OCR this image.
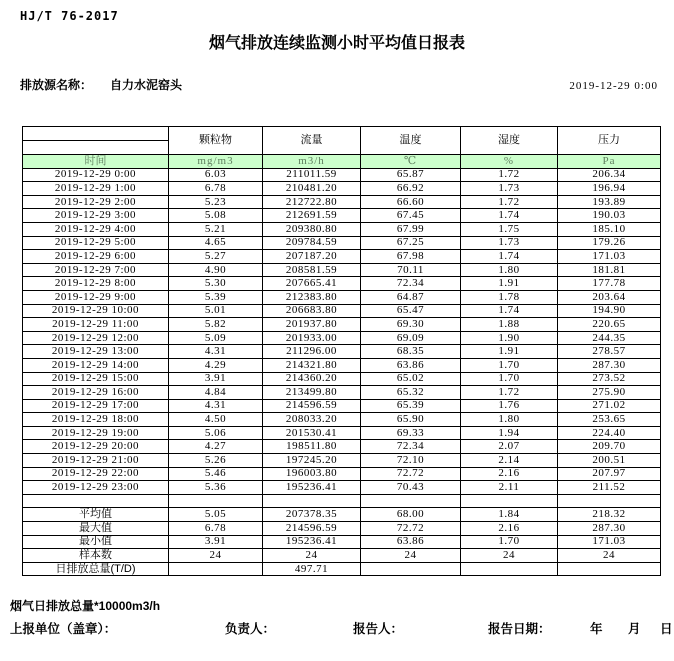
HJ/T 76-2017
烟气排放连续监测小时平均值日报表
排放源名称： 自力水泥窑头	2019-12-29 0:00
	颗粒物	流量	温度	湿度	压力
时间	mg/m3	m3/h	℃	%	Pa
2019-12-29 0:00	6.03	211011.59	65.87	1.72	206.34
2019-12-29 1:00	6.78	210481.20	66.92	1.73	196.94
2019-12-29 2:00	5.23	212722.80	66.60	1.72	193.89
2019-12-29 3:00	5.08	212691.59	67.45	1.74	190.03
2019-12-29 4:00	5.21	209380.80	67.99	1.75	185.10
2019-12-29 5:00	4.65	209784.59	67.25	1.73	179.26
2019-12-29 6:00	5.27	207187.20	67.98	1.74	171.03
2019-12-29 7:00	4.90	208581.59	70.11	1.80	181.81
2019-12-29 8:00	5.30	207665.41	72.34	1.91	177.78
2019-12-29 9:00	5.39	212383.80	64.87	1.78	203.64
2019-12-29 10:00	5.01	206683.80	65.47	1.74	194.90
2019-12-29 11:00	5.82	201937.80	69.30	1.88	220.65
2019-12-29 12:00	5.09	201933.00	69.09	1.90	244.35
2019-12-29 13:00	4.31	211296.00	68.35	1.91	278.57
2019-12-29 14:00	4.29	214321.80	63.86	1.70	287.30
2019-12-29 15:00	3.91	214360.20	65.02	1.70	273.52
2019-12-29 16:00	4.84	213499.80	65.32	1.72	275.90
2019-12-29 17:00	4.31	214596.59	65.39	1.76	271.02
2019-12-29 18:00	4.50	208033.20	65.90	1.80	253.65
2019-12-29 19:00	5.06	201530.41	69.33	1.94	224.40
2019-12-29 20:00	4.27	198511.80	72.34	2.07	209.70
2019-12-29 21:00	5.26	197245.20	72.10	2.14	200.51
2019-12-29 22:00	5.46	196003.80	72.72	2.16	207.97
2019-12-29 23:00	5.36	195236.41	70.43	2.11	211.52

平均值	5.05	207378.35	68.00	1.84	218.32
最大值	6.78	214596.59	72.72	2.16	287.30
最小值	3.91	195236.41	63.86	1.70	171.03
样本数	24	24	24	24	24
日排放总量(T/D)		497.71			
烟气日排放总量*10000m3/h
上报单位（盖章）：	负责人：	报告人：	报告日期：	年 月 日
